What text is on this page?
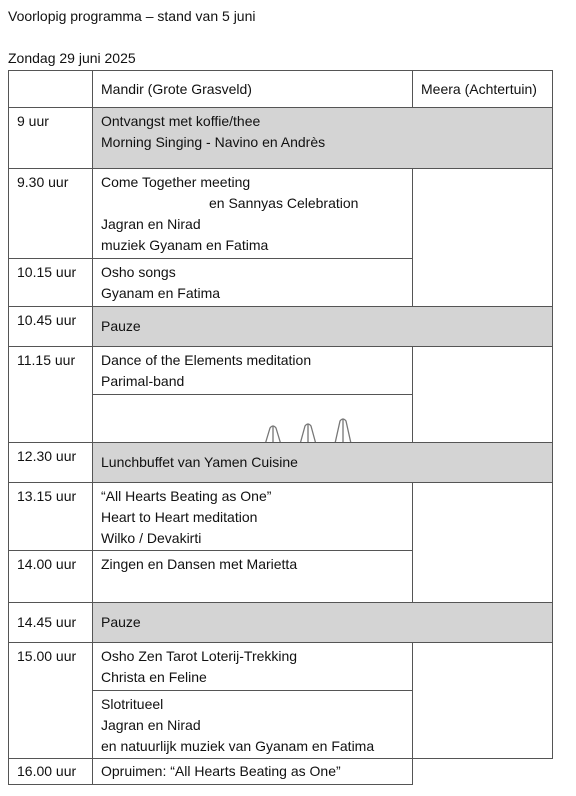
Voorlopig programma – stand van 5 juni
Zondag 29 juni 2025
Mandir (Grote Grasveld)	Meera (Achtertuin)
9 uur	Ontvangst met koffie/thee
Morning Singing - Navino en Andrès
9.30 uur	Come Together meeting
en Sannyas Celebration
Jagran en Nirad
muziek Gyanam en Fatima
10.15 uur	Osho songs
Gyanam en Fatima
10.45 uur	Pauze
11.15 uur	Dance of the Elements meditation
Parimal-band
12.30 uur	Lunchbuffet van Yamen Cuisine
13.15 uur	“All Hearts Beating as One”
Heart to Heart meditation
Wilko / Devakirti
14.00 uur	Zingen en Dansen met Marietta
14.45 uur	Pauze
15.00 uur	Osho Zen Tarot Loterij-Trekking
Christa en Feline
Slotritueel
Jagran en Nirad
en natuurlijk muziek van Gyanam en Fatima
16.00 uur	Opruimen: “All Hearts Beating as One”
